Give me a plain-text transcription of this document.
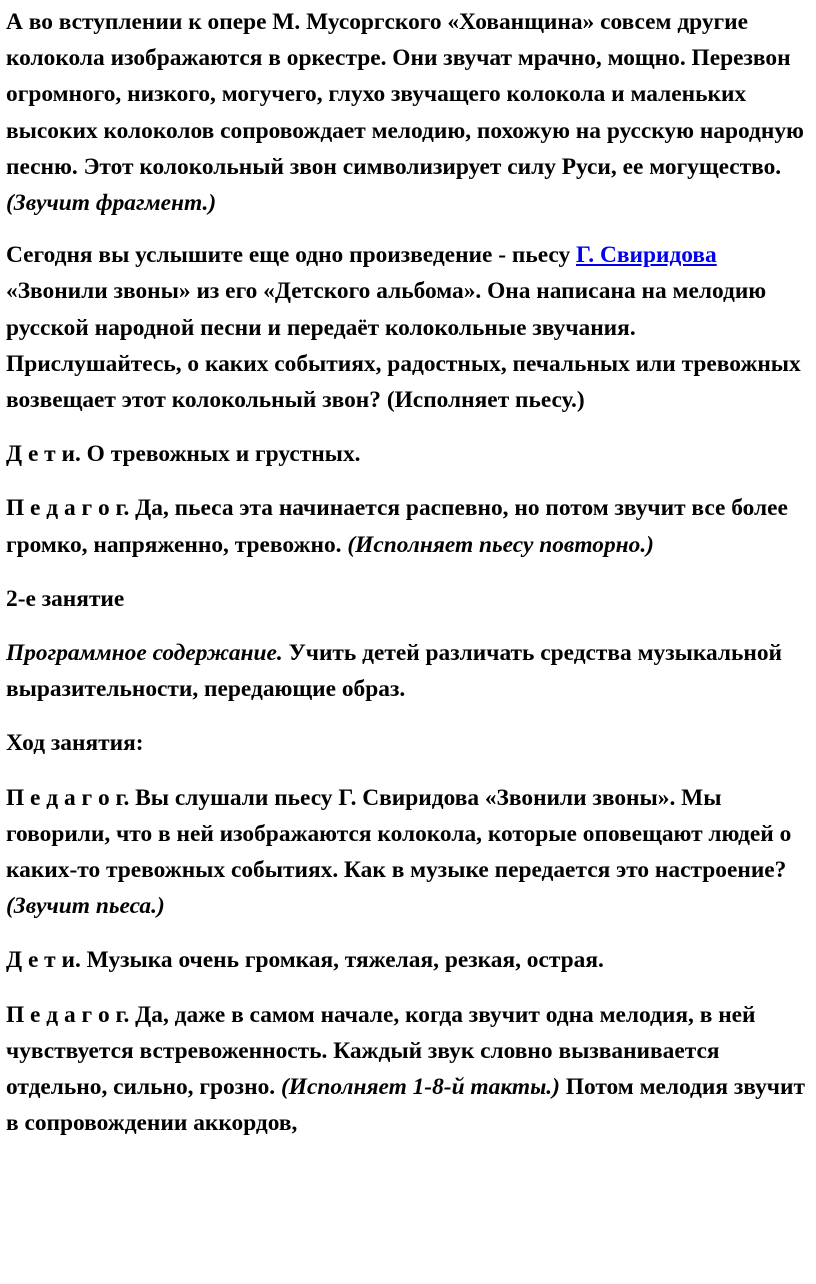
А во вступлении к опере М. Мусоргского «Хованщина» совсем другие колокола изображаются в оркестре. Они звучат мрачно, мощно. Перезвон огромного, низкого, могучего, глухо звучащего колокола и маленьких высоких колоколов сопровождает мелодию, похожую на русскую народную песню. Этот колокольный звон символизирует силу Руси, ее могущество. (Звучит фрагмент.)

Сегодня вы услышите еще одно произведение - пьесу Г. Свиридова «Звонили звоны» из его «Детского альбома». Она написана на мелодию русской народной песни и передаёт колокольные звучания. Прислушайтесь, о каких событиях, радостных, печальных или тревожных возвещает этот колокольный звон? (Исполняет пьесу.)

Д е т и. О тревожных и грустных.

П е д а г о г. Да, пьеса эта начинается распевно, но потом звучит все более громко, напряженно, тревожно. (Исполняет пьесу повторно.)

2-е занятие

Программное содержание. Учить детей различать средства музыкальной выразительности, передающие образ.

Ход занятия:

П е д а г о г. Вы слушали пьесу Г. Свиридова «Звонили звоны». Мы говорили, что в ней изображаются колокола, которые оповещают людей о каких-то тревожных событиях. Как в музыке передается это настроение? (Звучит пьеса.)

Д е т и. Музыка очень громкая, тяжелая, резкая, острая.

П е д а г о г. Да, даже в самом начале, когда звучит одна мелодия, в ней чувствуется встревоженность. Каждый звук словно вызванивается отдельно, сильно, грозно. (Исполняет 1-8-й такты.) Потом мелодия звучит в сопровождении аккордов,
